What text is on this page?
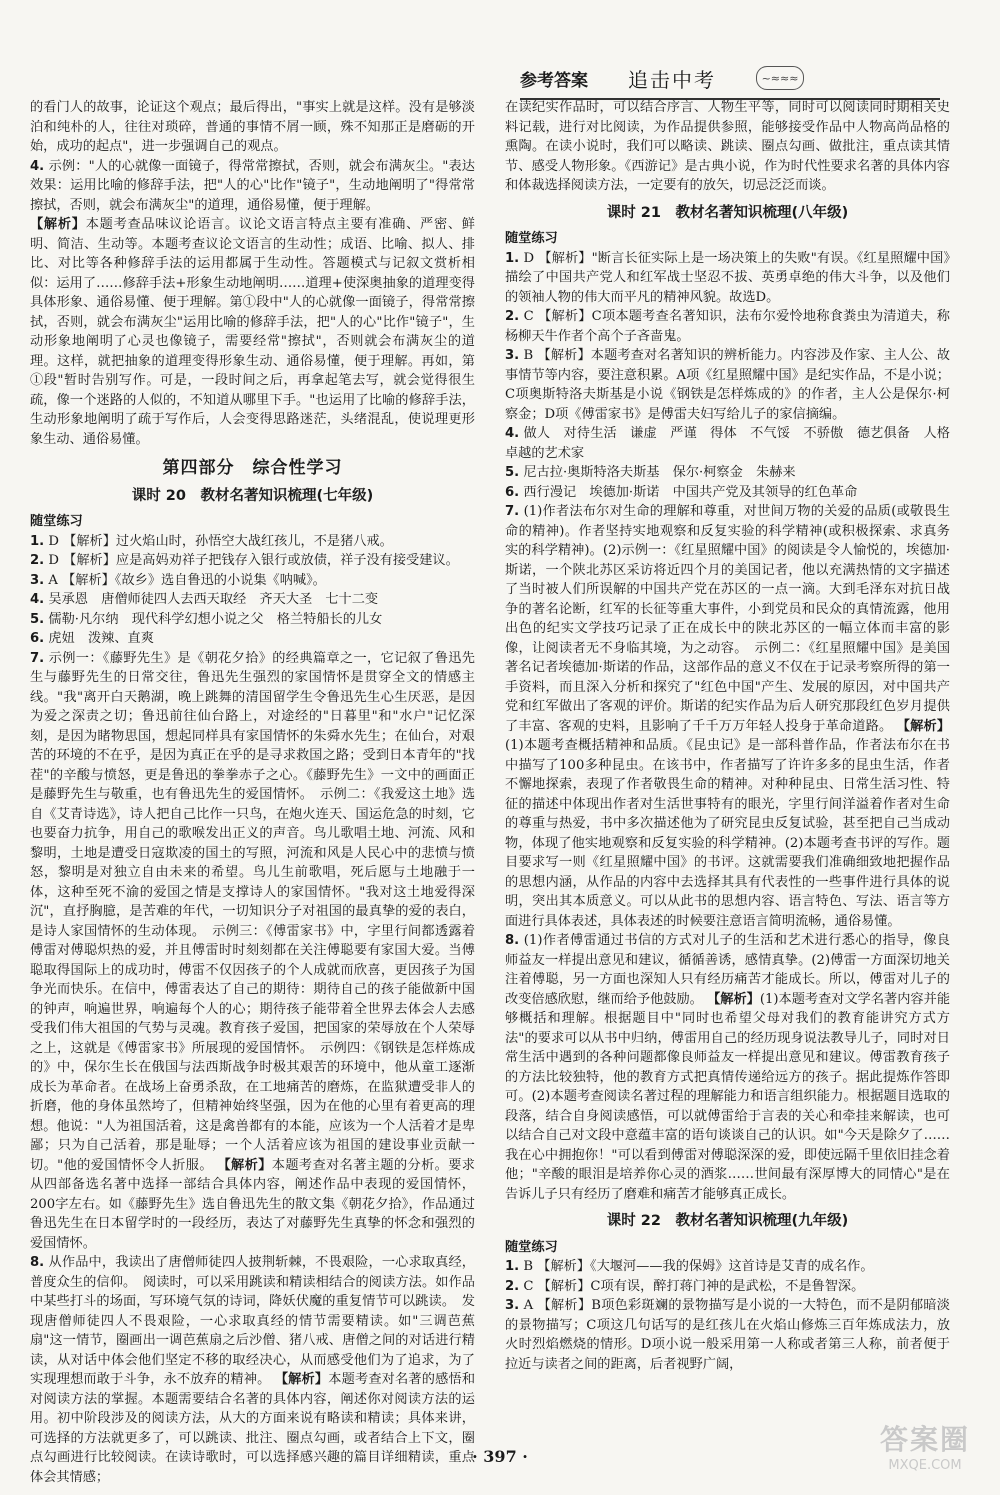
参考答案 追击中考	~≈≈≈

的看门人的故事，论证这个观点；最后得出，"事实上就是这样。没有是够淡泊和纯朴的人，往往对琐碎，普通的事情不屑一顾，殊不知那正是磨砺的开始，成功的起点"，进一步强调自己的观点。

4. 示例："人的心就像一面镜子，得常常擦拭，否则，就会布满灰尘。"表达效果：运用比喻的修辞手法，把"人的心"比作"镜子"，生动地阐明了"得常常擦拭，否则，就会布满灰尘"的道理，通俗易懂，便于理解。

【解析】本题考查品味议论语言。议论文语言特点主要有准确、严密、鲜明、简洁、生动等。本题考查议论文语言的生动性；成语、比喻、拟人、排比、对比等各种修辞手法的运用都属于生动性。答题模式与记叙文赏析相似：运用了……修辞手法+形象生动地阐明……道理+使深奥抽象的道理变得具体形象、通俗易懂、便于理解。第①段中"人的心就像一面镜子，得常常擦拭，否则，就会布满灰尘"运用比喻的修辞手法，把"人的心"比作"镜子"，生动形象地阐明了心灵也像镜子，需要经常"擦拭"，否则就会布满灰尘的道理。这样，就把抽象的道理变得形象生动、通俗易懂，便于理解。再如，第①段"暂时告别写作。可是，一段时间之后，再拿起笔去写，就会觉得很生疏，像一个迷路的人似的，不知道从哪里下手。"也运用了比喻的修辞手法，生动形象地阐明了疏于写作后，人会变得思路迷茫，头绪混乱，使说理更形象生动、通俗易懂。

第四部分　综合性学习
课时 20　教材名著知识梳理(七年级)
随堂练习

1. D 【解析】过火焰山时，孙悟空大战红孩儿，不是猪八戒。

2. D 【解析】应是高妈劝祥子把钱存入银行或放债，祥子没有接受建议。

3. A 【解析】《故乡》选自鲁迅的小说集《呐喊》。

4. 吴承恩　唐僧师徒四人去西天取经　齐天大圣　七十二变

5. 儒勒·凡尔纳　现代科学幻想小说之父　格兰特船长的儿女

6. 虎妞　泼辣、直爽

7. 示例一：《藤野先生》是《朝花夕拾》的经典篇章之一，它记叙了鲁迅先生与藤野先生的日常交往，鲁迅先生强烈的家国情怀是贯穿全文的情感主线。"我"离开白天鹅湖，晚上跳舞的清国留学生令鲁迅先生心生厌恶，是因为爱之深责之切；鲁迅前往仙台路上，对途经的"日暮里"和"水户"记忆深刻，是因为睹物思国，想起同样具有家国情怀的朱舜水先生；在仙台，对艰苦的环境的不在乎，是因为真正在乎的是寻求救国之路；受到日本青年的"找茬"的辛酸与愤怒，更是鲁迅的拳拳赤子之心。《藤野先生》一文中的画面正是藤野先生与敬重，也有鲁迅先生的爱国情怀。　示例二：《我爱这土地》选自《艾青诗选》，诗人把自己比作一只鸟，在炮火连天、国运危急的时刻，它也要奋力抗争，用自己的歌喉发出正义的声音。鸟儿歌唱土地、河流、风和黎明，土地是遭受日寇欺凌的国土的写照，河流和风是人民心中的悲愤与愤怒，黎明是对独立自由未来的希望。鸟儿生前歌唱，死后愿与土地融于一体，这种至死不渝的爱国之情是支撑诗人的家国情怀。"我对这土地爱得深沉"，直抒胸臆，是苦难的年代，一切知识分子对祖国的最真挚的爱的表白，是诗人家国情怀的生动体现。　示例三：《傅雷家书》中，字里行间都透露着傅雷对傅聪炽热的爱，并且傅雷时时刻刻都在关注傅聪要有家国大爱。当傅聪取得国际上的成功时，傅雷不仅因孩子的个人成就而欣喜，更因孩子为国争光而快乐。在信中，傅雷表达了自己的期待：期待自己的孩子能做新中国的钟声，响遍世界，响遍每个人的心；期待孩子能带着全世界去体会人去感受我们伟大祖国的气势与灵魂。教育孩子爱国，把国家的荣辱放在个人荣辱之上，这就是《傅雷家书》所展现的爱国情怀。　示例四：《钢铁是怎样炼成的》中，保尔生长在俄国与法西斯战争时极其艰苦的环境中，他从童工逐渐成长为革命者。在战场上奋勇杀敌，在工地痛苦的磨炼，在监狱遭受非人的折磨，他的身体虽然垮了，但精神始终坚强，因为在他的心里有着更高的理想。他说："人为祖国活着，这是禽兽都有的本能，应该为一个人活着才是卑鄙；只为自己活着，那是耻辱；一个人活着应该为祖国的建设事业贡献一切。"他的爱国情怀令人折服。 【解析】本题考查对名著主题的分析。要求从四部备选名著中选择一部结合具体内容，阐述作品中表现的爱国情怀，200字左右。如《藤野先生》选自鲁迅先生的散文集《朝花夕拾》，作品通过鲁迅先生在日本留学时的一段经历，表达了对藤野先生真挚的怀念和强烈的爱国情怀。

8. 从作品中，我读出了唐僧师徒四人披荆斩棘，不畏艰险，一心求取真经，普度众生的信仰。　阅读时，可以采用跳读和精读相结合的阅读方法。如作品中某些打斗的场面，写环境气氛的诗词，降妖伏魔的重复情节可以跳读。　发现唐僧师徒四人不畏艰险，一心求取真经的情节需要精读。如"三调芭蕉扇"这一情节，圈画出一调芭蕉扇之后沙僧、猪八戒、唐僧之间的对话进行精读，从对话中体会他们坚定不移的取经决心，从而感受他们为了追求，为了实现理想而敢于斗争，永不放弃的精神。 【解析】本题考查对名著的感悟和对阅读方法的掌握。本题需要结合名著的具体内容，阐述你对阅读方法的运用。初中阶段涉及的阅读方法，从大的方面来说有略读和精读；具体来讲，可选择的方法就更多了，可以跳读、批注、圈点勾画，或者结合上下文，圈点勾画进行比较阅读。在读诗歌时，可以选择感兴趣的篇目详细精读，重点体会其情感；

在读纪实作品时，可以结合序言、人物生平等，同时可以阅读同时期相关史料记载，进行对比阅读，为作品提供参照，能够接受作品中人物高尚品格的熏陶。在读小说时，我们可以略读、跳读、圈点勾画、做批注，重点读其情节、感受人物形象。《西游记》是古典小说，作为时代性要求名著的具体内容和体裁选择阅读方法，一定要有的放矢，切忌泛泛而谈。

课时 21　教材名著知识梳理(八年级)
随堂练习

1. D 【解析】"断言长征实际上是一场决策上的失败"有误。《红星照耀中国》描绘了中国共产党人和红军战士坚忍不拔、英勇卓绝的伟大斗争，以及他们的领袖人物的伟大而平凡的精神风貌。故选D。

2. C 【解析】C项本题考查名著知识，法布尔爱怜地称食粪虫为清道夫，称杨柳天牛作者个高个子吝啬鬼。

3. B 【解析】本题考查对名著知识的辨析能力。内容涉及作家、主人公、故事情节等内容，要注意积累。A项《红星照耀中国》是纪实作品，不是小说；C项奥斯特洛夫斯基是小说《钢铁是怎样炼成的》的作者，主人公是保尔·柯察金；D项《傅雷家书》是傅雷夫妇写给儿子的家信摘编。

4. 做人　对待生活　谦虚　严谨　得体　不气馁　不骄傲　德艺俱备　人格卓越的艺术家

5. 尼古拉·奥斯特洛夫斯基　保尔·柯察金　朱赫来

6. 西行漫记　埃德加·斯诺　中国共产党及其领导的红色革命

7. (1)作者法布尔对生命的理解和尊重，对世间万物的关爱的品质(或敬畏生命的精神)。作者坚持实地观察和反复实验的科学精神(或积极探索、求真务实的科学精神)。(2)示例一：《红星照耀中国》的阅读是令人愉悦的，埃德加·斯诺，一个陕北苏区采访将近四个月的美国记者，他以充满热情的文字描述了当时被人们所误解的中国共产党在苏区的一点一滴。大到毛泽东对抗日战争的著名论断，红军的长征等重大事件，小到党员和民众的真情流露，他用出色的纪实文学技巧记录了正在成长中的陕北苏区的一幅立体而丰富的影像，让阅读者无不身临其境，为之动容。　示例二：《红星照耀中国》是美国著名记者埃德加·斯诺的作品，这部作品的意义不仅在于记录考察所得的第一手资料，而且深入分析和探究了"红色中国"产生、发展的原因，对中国共产党和红军做出了客观的评价。斯诺的纪实作品为后人研究那段红色岁月提供了丰富、客观的史料，且影响了千千万万年轻人投身于革命道路。 【解析】(1)本题考查概括精神和品质。《昆虫记》是一部科普作品，作者法布尔在书中描写了100多种昆虫。在该书中，作者描写了许许多多的昆虫生活，作者不懈地探索，表现了作者敬畏生命的精神。对种种昆虫、日常生活习性、特征的描述中体现出作者对生活世事特有的眼光，字里行间洋溢着作者对生命的尊重与热爱，书中多次描述他为了研究昆虫反复试验，甚至把自己当成动物，体现了他实地观察和反复实验的科学精神。(2)本题考查书评的写作。题目要求写一则《红星照耀中国》的书评。这就需要我们准确细致地把握作品的思想内涵，从作品的内容中去选择其具有代表性的一些事件进行具体的说明，突出其本质意义。可以从此书的思想内容、语言特色、写法、语言等方面进行具体表述，具体表述的时候要注意语言简明流畅，通俗易懂。

8. (1)作者傅雷通过书信的方式对儿子的生活和艺术进行悉心的指导，像良师益友一样提出意见和建议，循循善诱，感情真挚。(2)傅雷一方面深切地关注着傅聪，另一方面也深知人只有经历痛苦才能成长。所以，傅雷对儿子的改变倍感欣慰，继而给予他鼓励。 【解析】(1)本题考查对文学名著内容并能够概括和理解。根据题目中"同时也希望父母对我们的教育能讲究方式方法"的要求可以从书中归纳，傅雷用自己的经历现身说法教导儿子，同时对日常生活中遇到的各种问题都像良师益友一样提出意见和建议。傅雷教育孩子的方法比较独特，他的教育方式把真情传递给远方的孩子。据此提炼作答即可。(2)本题考查阅读名著过程的理解能力和语言组织能力。根据题目选取的段落，结合自身阅读感悟，可以就傅雷给于言表的关心和牵挂来解读，也可以结合自己对文段中意蕴丰富的语句谈谈自己的认识。如"今天是除夕了……我在心中拥抱你！"可以看到傅雷对傅聪深深的爱，即使远隔千里依旧挂念着他；"辛酸的眼泪是培养你心灵的酒浆……世间最有深厚博大的同情心"是在告诉儿子只有经历了磨难和痛苦才能够真正成长。

课时 22　教材名著知识梳理(九年级)
随堂练习

1. B 【解析】《大堰河——我的保姆》这首诗是艾青的成名作。

2. C 【解析】C项有误，醉打蒋门神的是武松，不是鲁智深。

3. A 【解析】B项色彩斑斓的景物描写是小说的一大特色，而不是阴郁暗淡的景物描写；C项这几句话写的是红孩儿在火焰山修炼三百年炼成法力，放火时烈焰燃烧的情形。D项小说一般采用第一人称或者第三人称，前者便于拉近与读者之间的距离，后者视野广阔，

· 397 ·
答案圈
MXQE.COM
